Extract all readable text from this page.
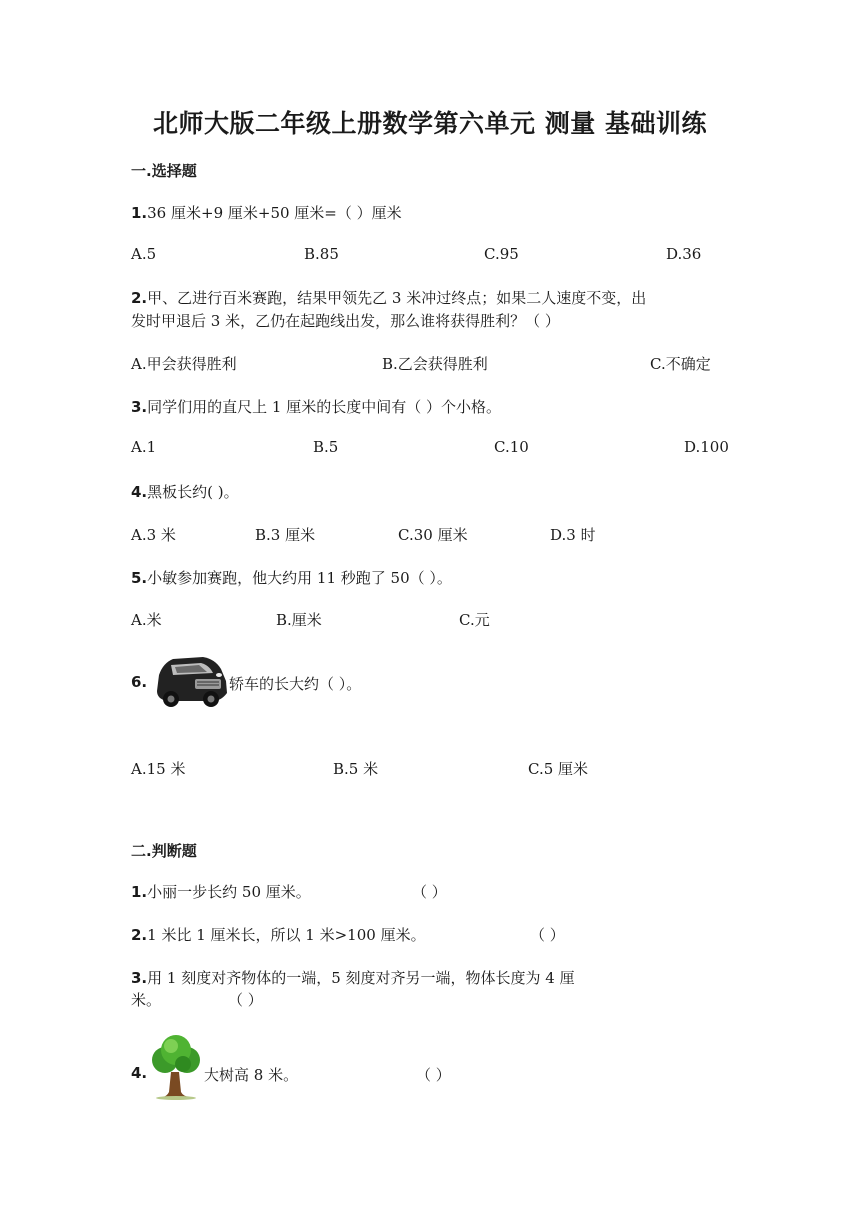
北师大版二年级上册数学第六单元 测量 基础训练
一.选择题
1.36 厘米+9 厘米+50 厘米=（ ）厘米
A.5	B.85	C.95	D.36
2.甲、乙进行百米赛跑，结果甲领先乙 3 米冲过终点；如果二人速度不变，出
发时甲退后 3 米，乙仍在起跑线出发，那么谁将获得胜利？（ ）
A.甲会获得胜利	B.乙会获得胜利	C.不确定
3.同学们用的直尺上 1 厘米的长度中间有（ ）个小格。
A.1	B.5	C.10	D.100
4.黑板长约( )。
A.3 米	B.3 厘米	C.30 厘米	D.3 时
5.小敏参加赛跑，他大约用 11 秒跑了 50（ ）。
A.米	B.厘米	C.元
6.	轿车的长大约（ ）。
A.15 米	B.5 米	C.5 厘米
二.判断题
1.小丽一步长约 50 厘米。	（ ）
2.1 米比 1 厘米长，所以 1 米>100 厘米。	（ ）
3.用 1 刻度对齐物体的一端，5 刻度对齐另一端，物体长度为 4 厘
米。	（ ）
4.	大树高 8 米。	（ ）
